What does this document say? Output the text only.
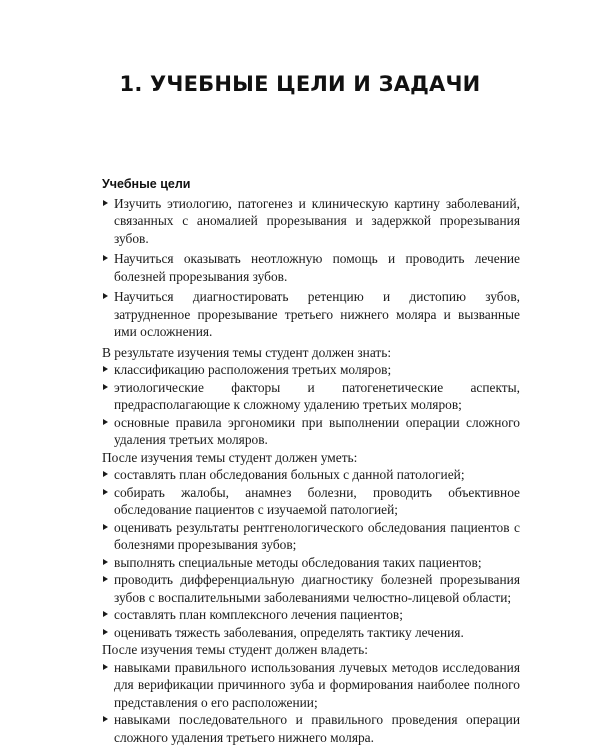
1. УЧЕБНЫЕ ЦЕЛИ И ЗАДАЧИ
Учебные цели
Изучить этиологию, патогенез и клиническую картину заболеваний, связанных с аномалией прорезывания и задержкой прорезывания зубов.
Научиться оказывать неотложную помощь и проводить лечение болезней прорезывания зубов.
Научиться диагностировать ретенцию и дистопию зубов, затрудненное прорезывание третьего нижнего моляра и вызванные ими осложнения.

В результате изучения темы студент должен знать:

классификацию расположения третьих моляров;
этиологические факторы и патогенетические аспекты, предрасполагающие к сложному удалению третьих моляров;
основные правила эргономики при выполнении операции сложного удаления третьих моляров.

После изучения темы студент должен уметь:

составлять план обследования больных с данной патологией;
собирать жалобы, анамнез болезни, проводить объективное обследование пациентов с изучаемой патологией;
оценивать результаты рентгенологического обследования пациентов с болезнями прорезывания зубов;
выполнять специальные методы обследования таких пациентов;
проводить дифференциальную диагностику болезней прорезывания зубов с воспалительными заболеваниями челюстно-лицевой области;
составлять план комплексного лечения пациентов;
оценивать тяжесть заболевания, определять тактику лечения.

После изучения темы студент должен владеть:

навыками правильного использования лучевых методов исследования для верификации причинного зуба и формирования наиболее полного представления о его расположении;
навыками последовательного и правильного проведения операции сложного удаления третьего нижнего моляра.
